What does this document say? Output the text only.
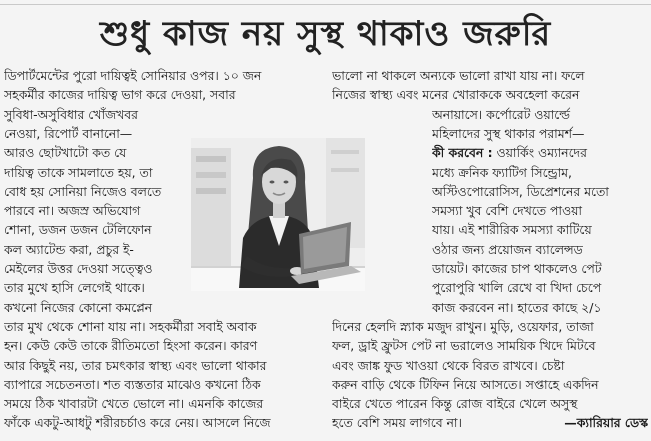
শুধু কাজ নয় সুস্থ থাকাও জরুরি
ডিপার্টমেন্টের পুরো দায়িত্বই সোনিয়ার ওপর। ১০ জন
সহকর্মীর কাজের দায়িত্ব ভাগ করে দেওয়া, সবার
সুবিধা-অসুবিধার খোঁজখবর
নেওয়া, রিপোর্ট বানানো—
আরও ছোটখাটো কত যে
দায়িত্ব তাকে সামলাতে হয়, তা
বোধ হয় সোনিয়া নিজেও বলতে
পারবে না। অজস্র অভিযোগ
শোনা, ডজন ডজন টেলিফোন
কল অ্যাটেন্ড করা, প্রচুর ই-
মেইলের উত্তর দেওয়া সত্ত্বেও
তার মুখে হাসি লেগেই থাকে।
কখনো নিজের কোনো কমপ্লেন
ভালো না থাকলে অন্যকে ভালো রাখা যায় না। ফলে
নিজের স্বাস্থ্য এবং মনের খোরাককে অবহেলা করেন
অনায়াসে। কর্পোরেট ওয়ার্ল্ডে
মহিলাদের সুস্থ থাকার পরামর্শ—
কী করবেন : ওয়ার্কিং ওম্যানদের
মধ্যে ক্রনিক ফ্যাটিগ সিন্ড্রোম,
অস্টিওপোরোসিস, ডিপ্রেশনের মতো
সমস্যা খুব বেশি দেখতে পাওয়া
যায়। এই শারীরিক সমস্যা কাটিয়ে
ওঠার জন্য প্রয়োজন ব্যালেন্সড
ডায়েট। কাজের চাপ থাকলেও পেট
পুরোপুরি খালি রেখে বা খিদা চেপে
কাজ করবেন না। হাতের কাছে ২/১
তার মুখ থেকে শোনা যায় না। সহকর্মীরা সবাই অবাক
হন। কেউ কেউ তাকে রীতিমতো হিংসা করেন। কারণ
আর কিছুই নয়, তার চমৎকার স্বাস্থ্য এবং ভালো থাকার
ব্যাপারে সচেতনতা। শত ব্যস্ততার মাঝেও কখনো ঠিক
সময়ে ঠিক খাবারটা খেতে ভোলে না। এমনকি কাজের
ফাঁকে একটু-আধটু শরীরচর্চাও করে নেয়। আসলে নিজে
দিনের হেলদি স্ন্যাক মজুদ রাখুন। মুড়ি, ওয়েফার, তাজা
ফল, ড্রাই ফ্রুটস পেট না ভরালেও সাময়িক খিদে মিটবে
এবং জাঙ্ক ফুড খাওয়া থেকে বিরত রাখবে। চেষ্টা
করুন বাড়ি থেকে টিফিন নিয়ে আসতে। সপ্তাহে একদিন
বাইরে খেতে পারেন কিন্তু রোজ বাইরে খেলে অসুস্থ
হতে বেশি সময় লাগবে না।	—ক্যারিয়ার ডেস্ক
